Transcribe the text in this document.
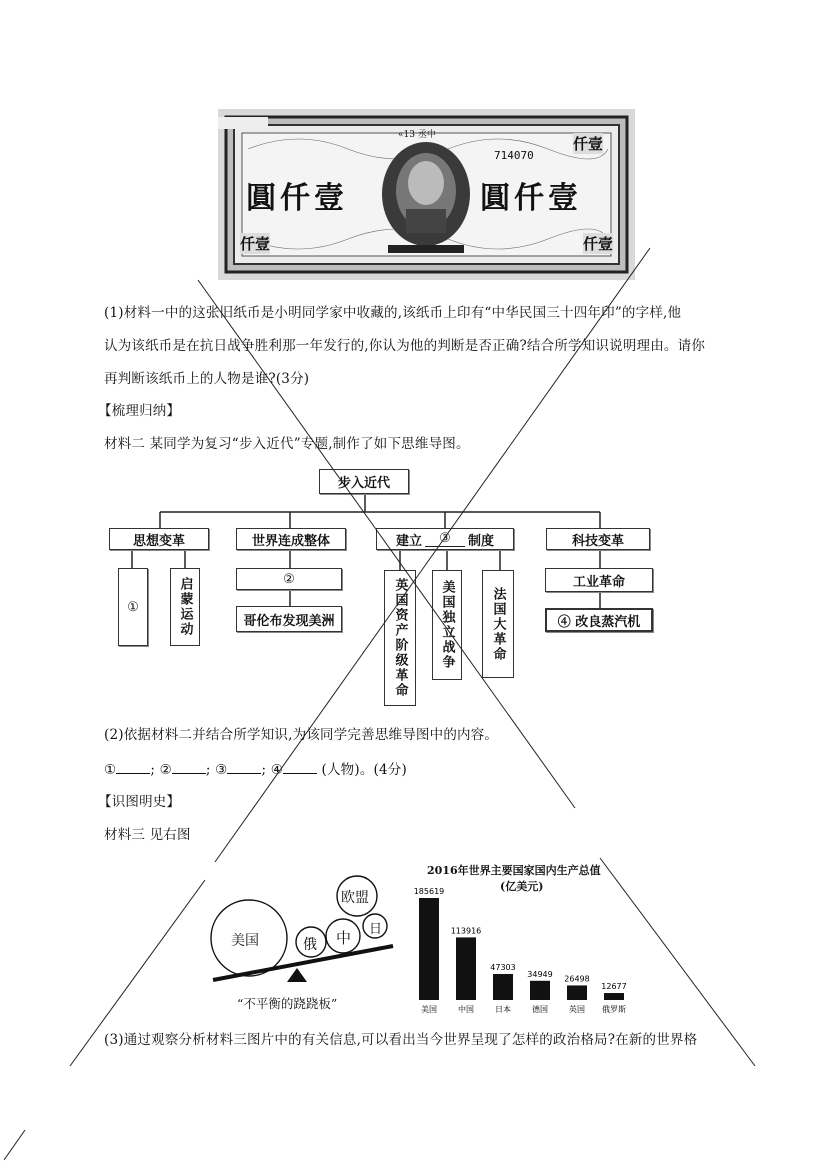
圓仟壹	圓仟壹
仟壹
仟壹
仟壹
714070
«13 丞中
(1)材料一中的这张旧纸币是小明同学家中收藏的,该纸币上印有“中华民国三十四年印”的字样,他
认为该纸币是在抗日战争胜利那一年发行的,你认为他的判断是否正确?结合所学知识说明理由。请你
再判断该纸币上的人物是谁?(3分)
【梳理归纳】
材料二 某同学为复习“步入近代”专题,制作了如下思维导图。
步入近代
思想变革	世界连成整体	建立	③	制度	科技变革
①	启蒙运动	②
哥伦布发现美洲	英国资产阶级革命	美国独立战争	法国大革命
工业革命
④ 改良蒸汽机
(2)依据材料二并结合所学知识,为该同学完善思维导图中的内容。
①	; ②	; ③	; ④	(人物)。(4分)
【识图明史】
材料三 见右图
美国	俄 中 日
欧盟
“不平衡的跷跷板”
2016年世界主要国家国内生产总值
(亿美元)
185619
美国
113916
中国
47303
日本
34949
德国
26498
英国
12677
俄罗斯
(3)通过观察分析材料三图片中的有关信息,可以看出当今世界呈现了怎样的政治格局?在新的世界格
